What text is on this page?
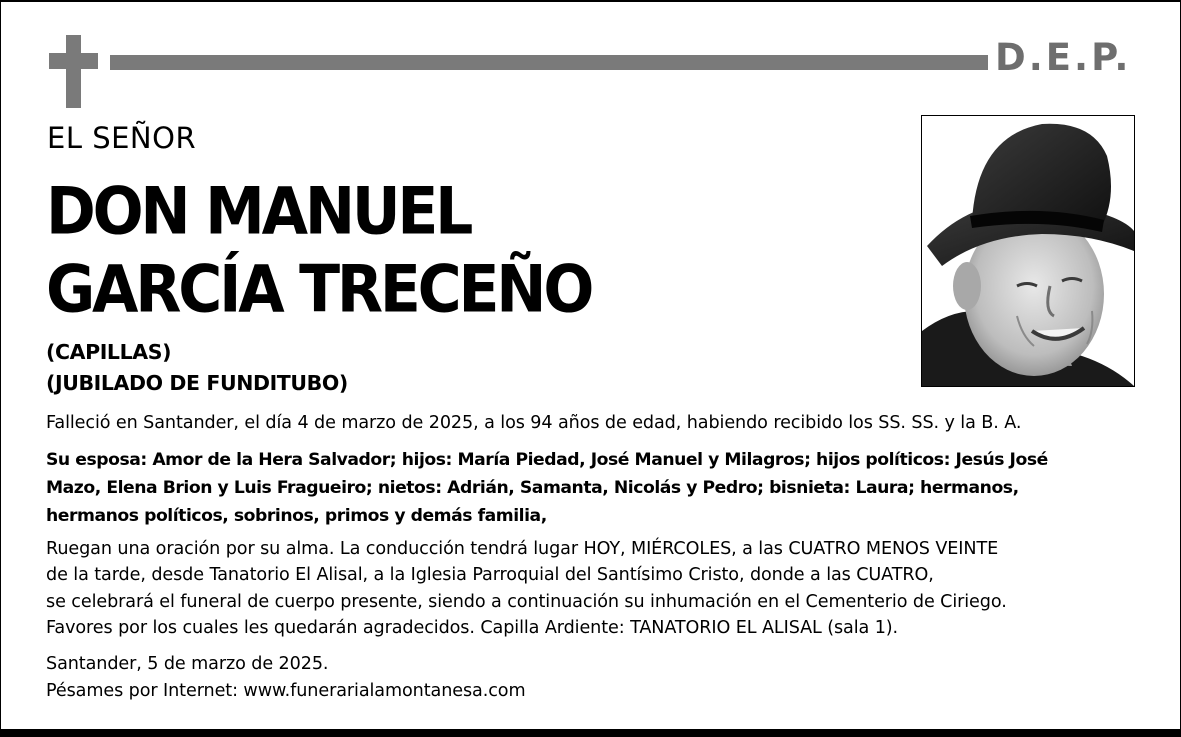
D.E.P.
EL SEÑOR
DON MANUEL
GARCÍA TRECEÑO
(CAPILLAS)
(JUBILADO DE FUNDITUBO)
Falleció en Santander, el día 4 de marzo de 2025, a los 94 años de edad, habiendo recibido los SS. SS. y la B. A.
Su esposa: Amor de la Hera Salvador; hijos: María Piedad, José Manuel y Milagros; hijos políticos: Jesús José
Mazo, Elena Brion y Luis Fragueiro; nietos: Adrián, Samanta, Nicolás y Pedro; bisnieta: Laura; hermanos,
hermanos políticos, sobrinos, primos y demás familia,
Ruegan una oración por su alma. La conducción tendrá lugar HOY, MIÉRCOLES, a las CUATRO MENOS VEINTE
de la tarde, desde Tanatorio El Alisal, a la Iglesia Parroquial del Santísimo Cristo, donde a las CUATRO,
se celebrará el funeral de cuerpo presente, siendo a continuación su inhumación en el Cementerio de Ciriego.
Favores por los cuales les quedarán agradecidos. Capilla Ardiente: TANATORIO EL ALISAL (sala 1).
Santander, 5 de marzo de 2025.
Pésames por Internet: www.funerarialamontanesa.com
